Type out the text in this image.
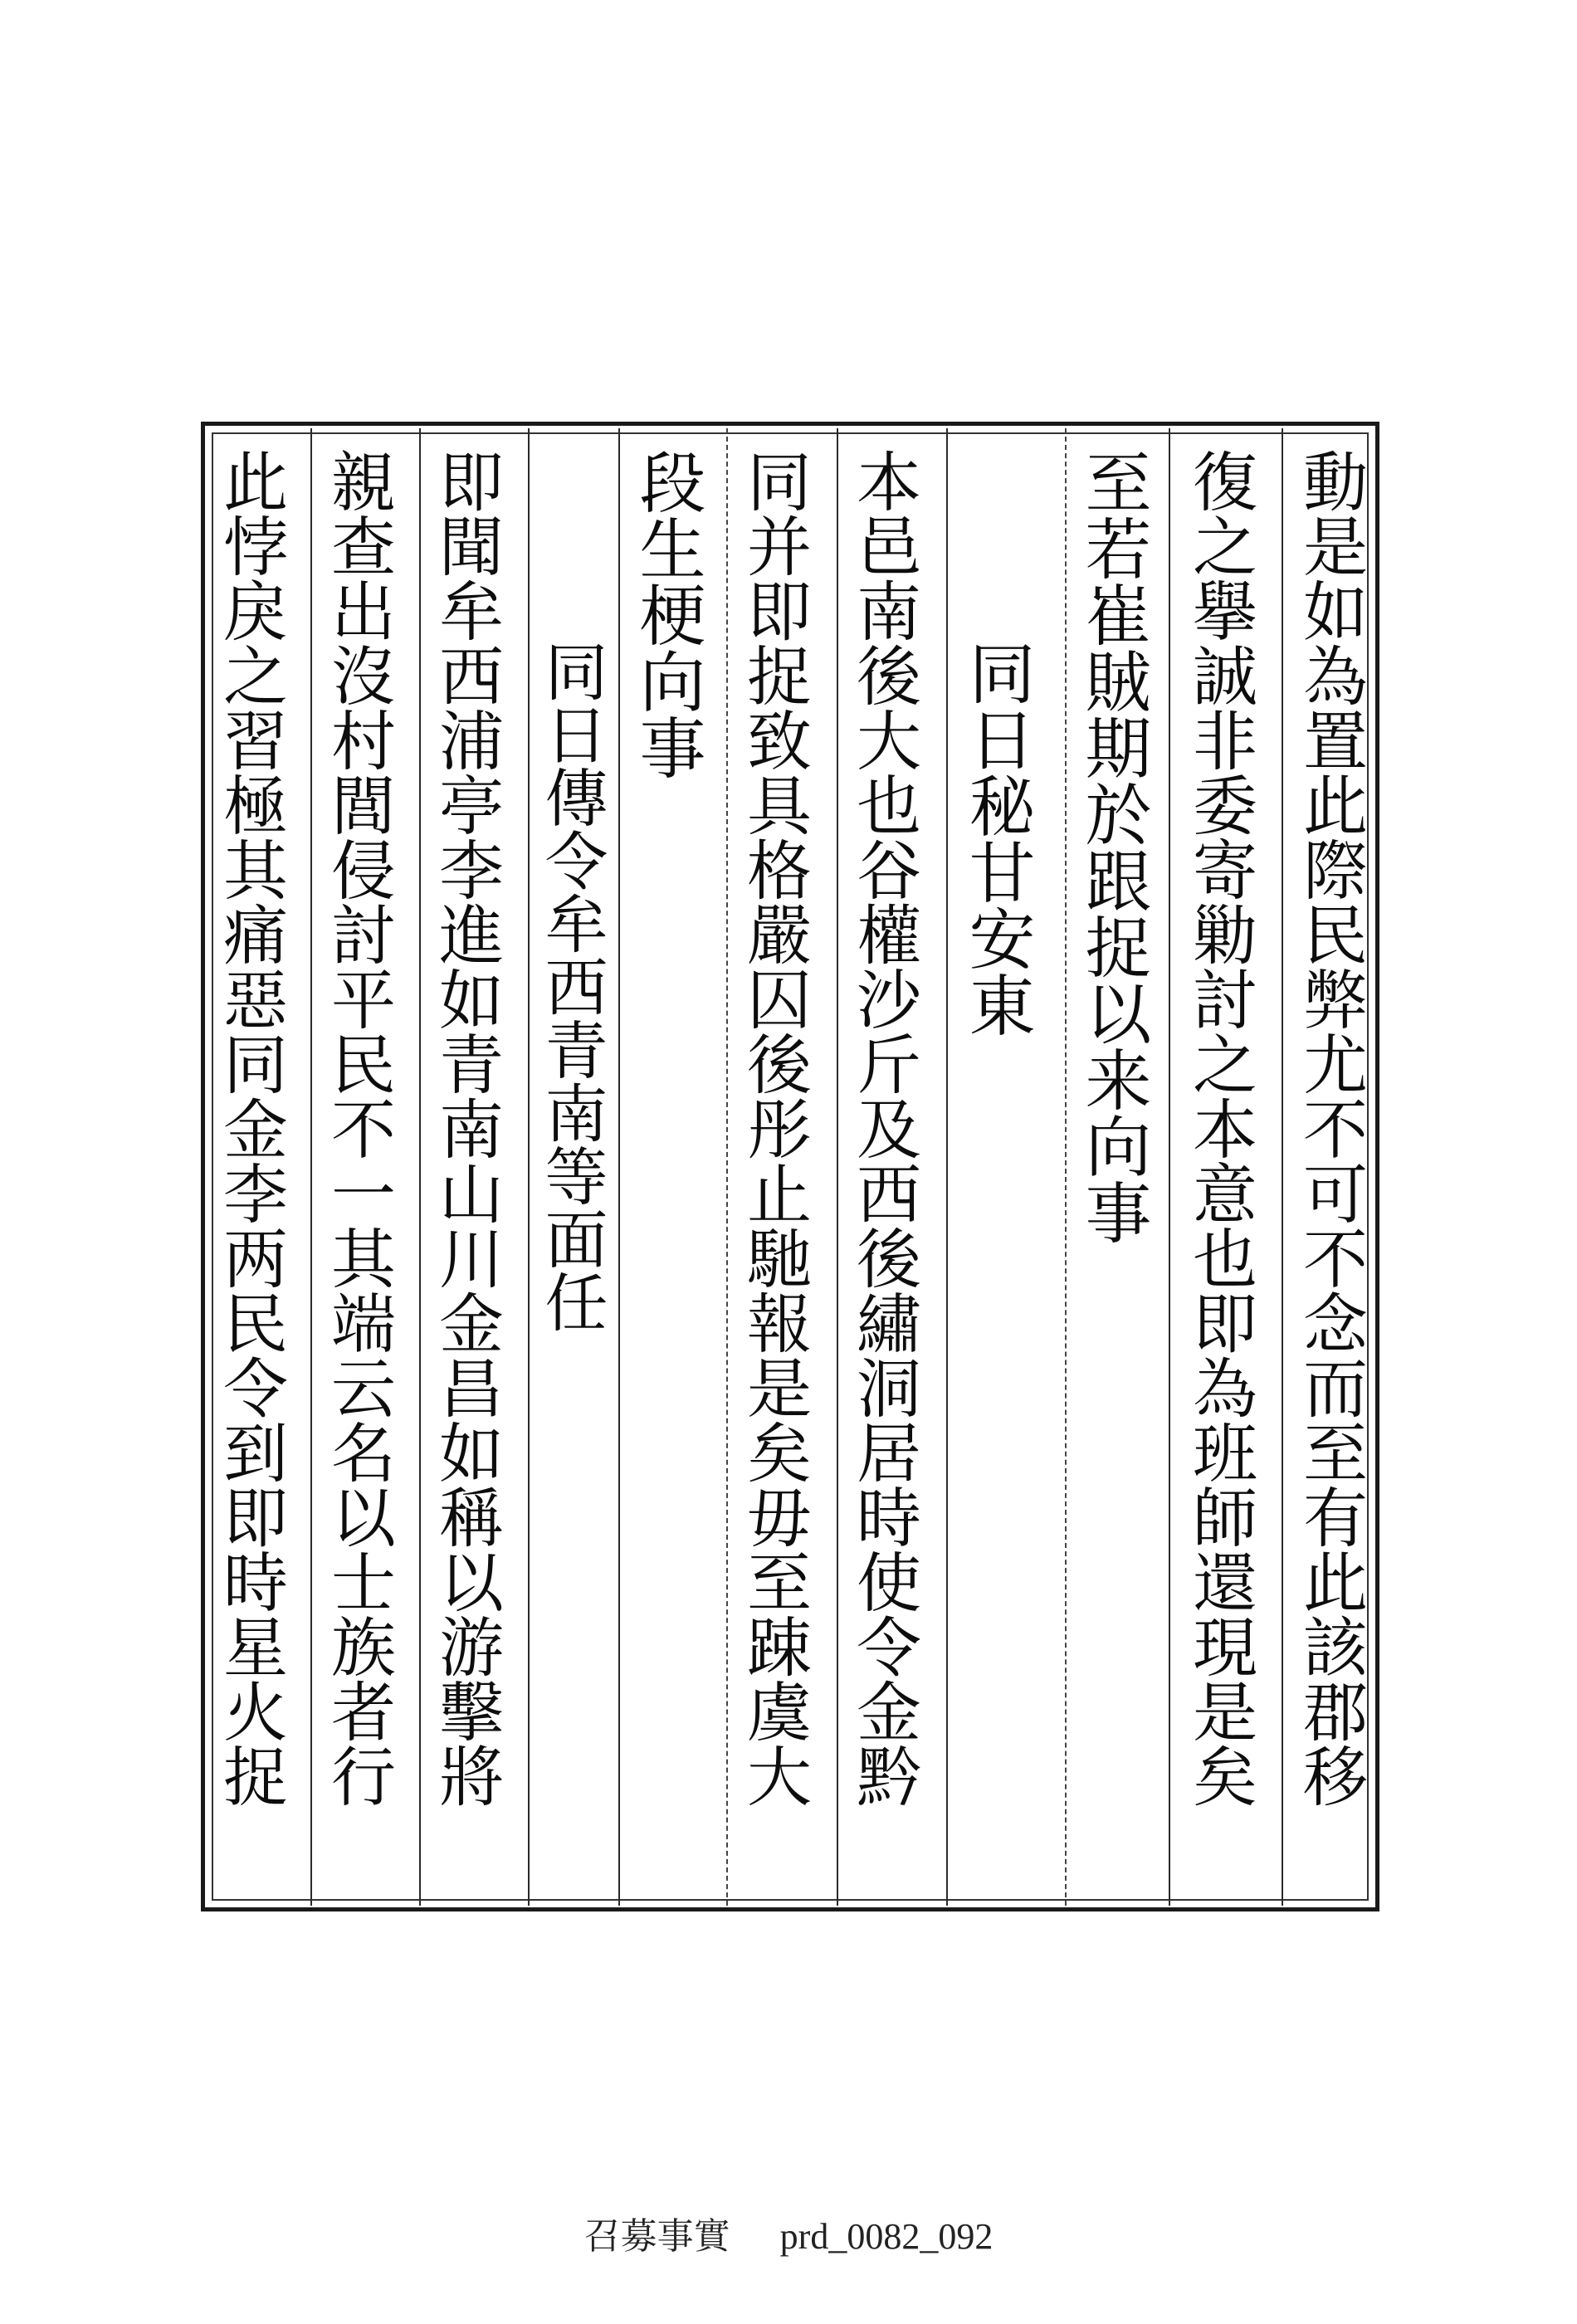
動是如為置此際民弊尤不可不念而至有此該郡移
復之擧誠非委寄勦討之本意也即為班師還現是矣
至若崔賊期於跟捉以来向事
同日秘甘安東
本邑南後大也谷權沙斤及西後繡洞居時使令金黔
同并即捉致具格嚴囚後彤止馳報是矣毋至踈虞大
段生梗向事
同日傳令牟西青南等面任
即聞牟西浦亭李進如青南山川金昌如稱以游擊將
親查出沒村閭侵討平民不一其端云名以士族者行
此悖戾之習極其痛惡同金李两民令到即時星火捉
召募事實 prd_0082_092
